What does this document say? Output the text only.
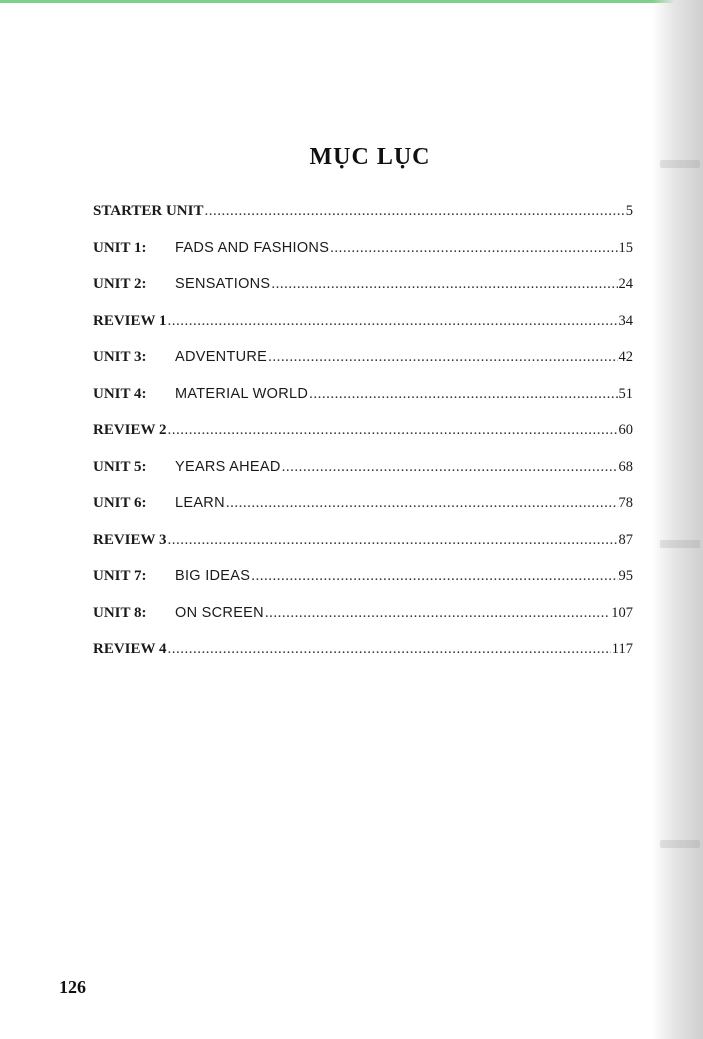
MỤC LỤC
STARTER UNIT .....	5
UNIT 1:	FADS AND FASHIONS .....	15
UNIT 2:	SENSATIONS .....	24
REVIEW 1 .....	34
UNIT 3:	ADVENTURE .....	42
UNIT 4:	MATERIAL WORLD .....	51
REVIEW 2 .....	60
UNIT 5:	YEARS AHEAD .....	68
UNIT 6:	LEARN .....	78
REVIEW 3 .....	87
UNIT 7:	BIG IDEAS .....	95
UNIT 8:	ON SCREEN .....	107
REVIEW 4 .....	117
126
